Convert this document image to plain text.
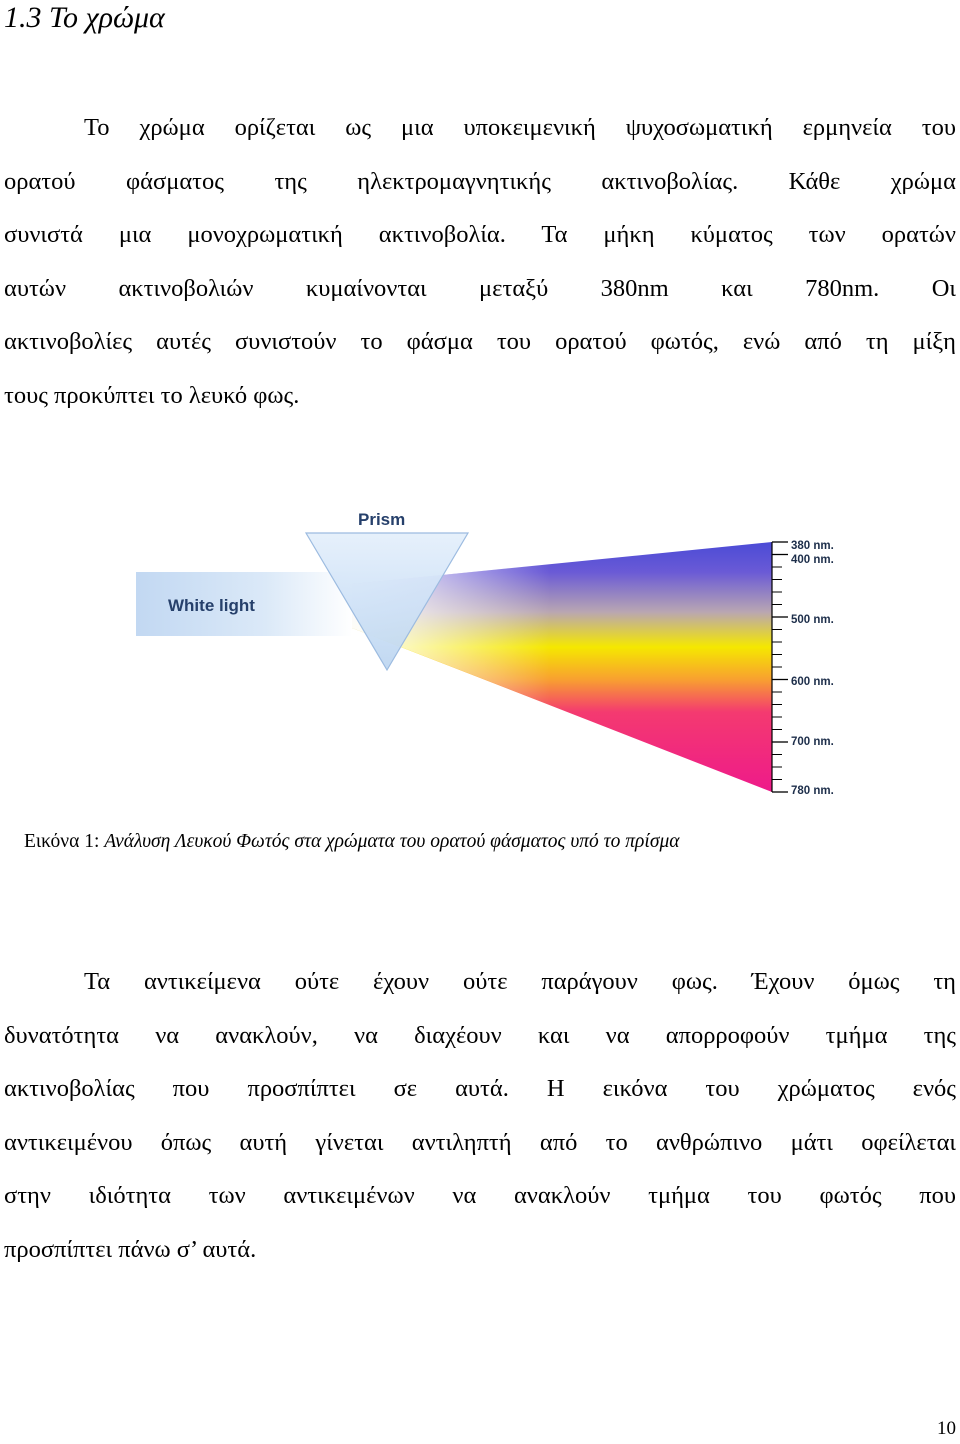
1.3 Το χρώμα
Το χρώμα ορίζεται ως μια υποκειμενική ψυχοσωματική ερμηνεία του
ορατού φάσματος της ηλεκτρομαγνητικής ακτινοβολίας. Κάθε χρώμα
συνιστά μια μονοχρωματική ακτινοβολία. Τα μήκη κύματος των ορατών
αυτών ακτινοβολιών κυμαίνονται μεταξύ 380nm και 780nm. Οι
ακτινοβολίες αυτές συνιστούν το φάσμα του ορατού φωτός, ενώ από τη μίξη
τους προκύπτει το λευκό φως.
White light
Prism
380 nm.
400 nm.
500 nm.
600 nm.
700 nm.
780 nm.

Εικόνα 1: Ανάλυση Λευκού Φωτός στα χρώματα του ορατού φάσματος υπό το πρίσμα

Τα αντικείμενα ούτε έχουν ούτε παράγουν φως. Έχουν όμως τη
δυνατότητα να ανακλούν, να διαχέουν και να απορροφούν τμήμα της
ακτινοβολίας που προσπίπτει σε αυτά. Η εικόνα του χρώματος ενός
αντικειμένου όπως αυτή γίνεται αντιληπτή από το ανθρώπινο μάτι οφείλεται
στην ιδιότητα των αντικειμένων να ανακλούν τμήμα του φωτός που
προσπίπτει πάνω σ’ αυτά.

10
